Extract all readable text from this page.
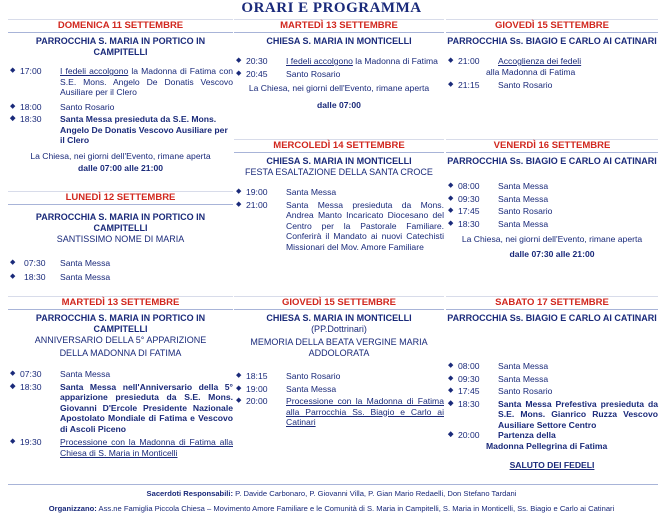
ORARI E PROGRAMMA
DOMENICA 11 SETTEMBRE
PARROCCHIA S. MARIA IN PORTICO IN CAMPITELLI
◆ 17:00	I fedeli accolgono la Madonna di Fatima con S.E. Mons. Angelo De Donatis Vescovo Ausiliare per il Clero
◆ 18:00	Santo Rosario
◆ 18:30	Santa Messa presieduta da S.E. Mons. Angelo De Donatis Vescovo Ausiliare per il Clero
La Chiesa, nei giorni dell'Evento, rimane aperta
dalle 07:00 alle 21:00
MARTEDÌ 13 SETTEMBRE
CHIESA S. MARIA IN MONTICELLI
◆ 20:30	I fedeli accolgono la Madonna di Fatima
◆ 20:45	Santo Rosario
La Chiesa, nei giorni dell'Evento, rimane aperta
dalle 07:00
GIOVEDÌ 15 SETTEMBRE
PARROCCHIA Ss. BIAGIO E CARLO AI CATINARI
◆ 21:00	Accoglienza dei fedeli
alla Madonna di Fatima
◆ 21:15	Santo Rosario
LUNEDÌ 12 SETTEMBRE
PARROCCHIA S. MARIA IN PORTICO IN CAMPITELLI
SANTISSIMO NOME DI MARIA
◆ 07:30	Santa Messa
◆ 18:30	Santa Messa
MERCOLEDÌ 14 SETTEMBRE
CHIESA S. MARIA IN MONTICELLI
FESTA ESALTAZIONE DELLA SANTA CROCE
◆ 19:00	Santa Messa
◆ 21:00	Santa Messa presieduta da Mons. Andrea Manto Incaricato Diocesano del Centro per la Pastorale Familiare. Conferirà il Mandato ai nuovi Catechisti Missionari del Mov. Amore Familiare
VENERDÌ 16 SETTEMBRE
PARROCCHIA Ss. BIAGIO E CARLO AI CATINARI
◆ 08:00	Santa Messa
◆ 09:30	Santa Messa
◆ 17:45	Santo Rosario
◆ 18:30	Santa Messa
La Chiesa, nei giorni dell'Evento, rimane aperta
dalle 07:30 alle 21:00
MARTEDÌ 13 SETTEMBRE
PARROCCHIA S. MARIA IN PORTICO IN CAMPITELLI
ANNIVERSARIO DELLA 5° APPARIZIONE
DELLA MADONNA DI FATIMA
◆ 07:30	Santa Messa
◆ 18:30	Santa Messa nell'Anniversario della 5° apparizione presieduta da S.E. Mons. Giovanni D'Ercole Presidente Nazionale Apostolato Mondiale di Fatima e Vescovo di Ascoli Piceno
◆ 19:30	Processione con la Madonna di Fatima alla Chiesa di S. Maria in Monticelli
GIOVEDÌ 15 SETTEMBRE
CHIESA S. MARIA IN MONTICELLI
(PP.Dottrinari)
MEMORIA DELLA BEATA VERGINE MARIA
ADDOLORATA
◆ 18:15	Santo Rosario
◆ 19:00	Santa Messa
◆ 20:00	Processione con la Madonna di Fatima alla Parrocchia Ss. Biagio e Carlo ai Catinari
SABATO 17 SETTEMBRE
PARROCCHIA Ss. BIAGIO E CARLO AI CATINARI
◆ 08:00	Santa Messa
◆ 09:30	Santa Messa
◆ 17:45	Santo Rosario
◆ 18:30	Santa Messa Prefestiva presieduta da S.E. Mons. Gianrico Ruzza Vescovo Ausiliare Settore Centro
◆ 20:00	Partenza della
Madonna Pellegrina di Fatima
SALUTO DEI FEDELI
Sacerdoti Responsabili: P. Davide Carbonaro, P. Giovanni Villa, P. Gian Mario Redaelli, Don Stefano Tardani
Organizzano: Ass.ne Famiglia Piccola Chiesa – Movimento Amore Familiare e le Comunità di S. Maria in Campitelli, S. Maria in Monticelli, Ss. Biagio e Carlo ai Catinari
